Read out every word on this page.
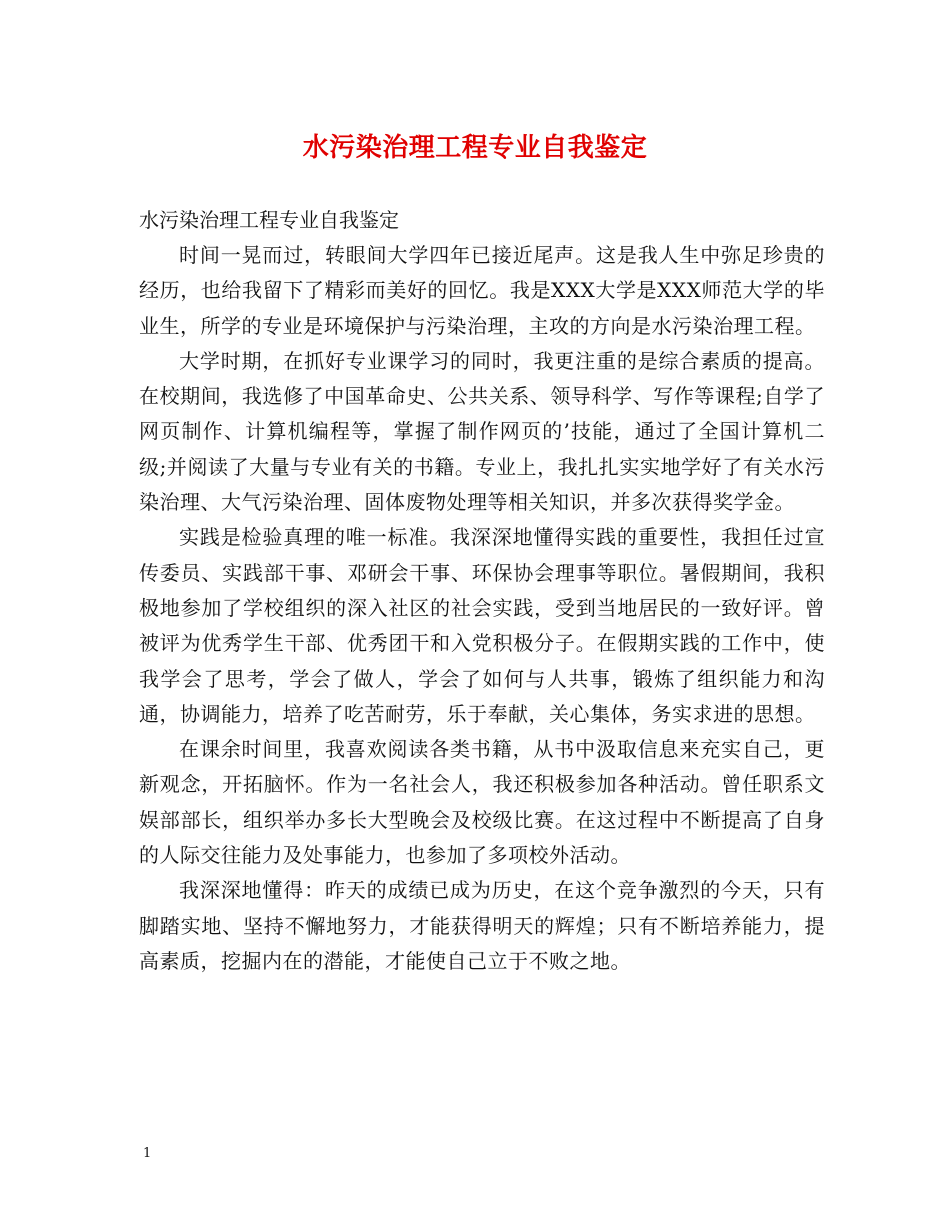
水污染治理工程专业自我鉴定

水污染治理工程专业自我鉴定

时间一晃而过，转眼间大学四年已接近尾声。这是我人生中弥足珍贵的经历，也给我留下了精彩而美好的回忆。我是XXX大学是XXX师范大学的毕业生，所学的专业是环境保护与污染治理，主攻的方向是水污染治理工程。

大学时期，在抓好专业课学习的同时，我更注重的是综合素质的提高。在校期间，我选修了中国革命史、公共关系、领导科学、写作等课程;自学了网页制作、计算机编程等，掌握了制作网页的’技能，通过了全国计算机二级;并阅读了大量与专业有关的书籍。专业上，我扎扎实实地学好了有关水污染治理、大气污染治理、固体废物处理等相关知识，并多次获得奖学金。

实践是检验真理的唯一标准。我深深地懂得实践的重要性，我担任过宣传委员、实践部干事、邓研会干事、环保协会理事等职位。暑假期间，我积极地参加了学校组织的深入社区的社会实践，受到当地居民的一致好评。曾被评为优秀学生干部、优秀团干和入党积极分子。在假期实践的工作中，使我学会了思考，学会了做人，学会了如何与人共事，锻炼了组织能力和沟通，协调能力，培养了吃苦耐劳，乐于奉献，关心集体，务实求进的思想。

在课余时间里，我喜欢阅读各类书籍，从书中汲取信息来充实自己，更新观念，开拓脑怀。作为一名社会人，我还积极参加各种活动。曾任职系文娱部部长，组织举办多长大型晚会及校级比赛。在这过程中不断提高了自身的人际交往能力及处事能力，也参加了多项校外活动。

我深深地懂得：昨天的成绩已成为历史，在这个竞争激烈的今天，只有脚踏实地、坚持不懈地努力，才能获得明天的辉煌；只有不断培养能力，提高素质，挖掘内在的潜能，才能使自己立于不败之地。

1
